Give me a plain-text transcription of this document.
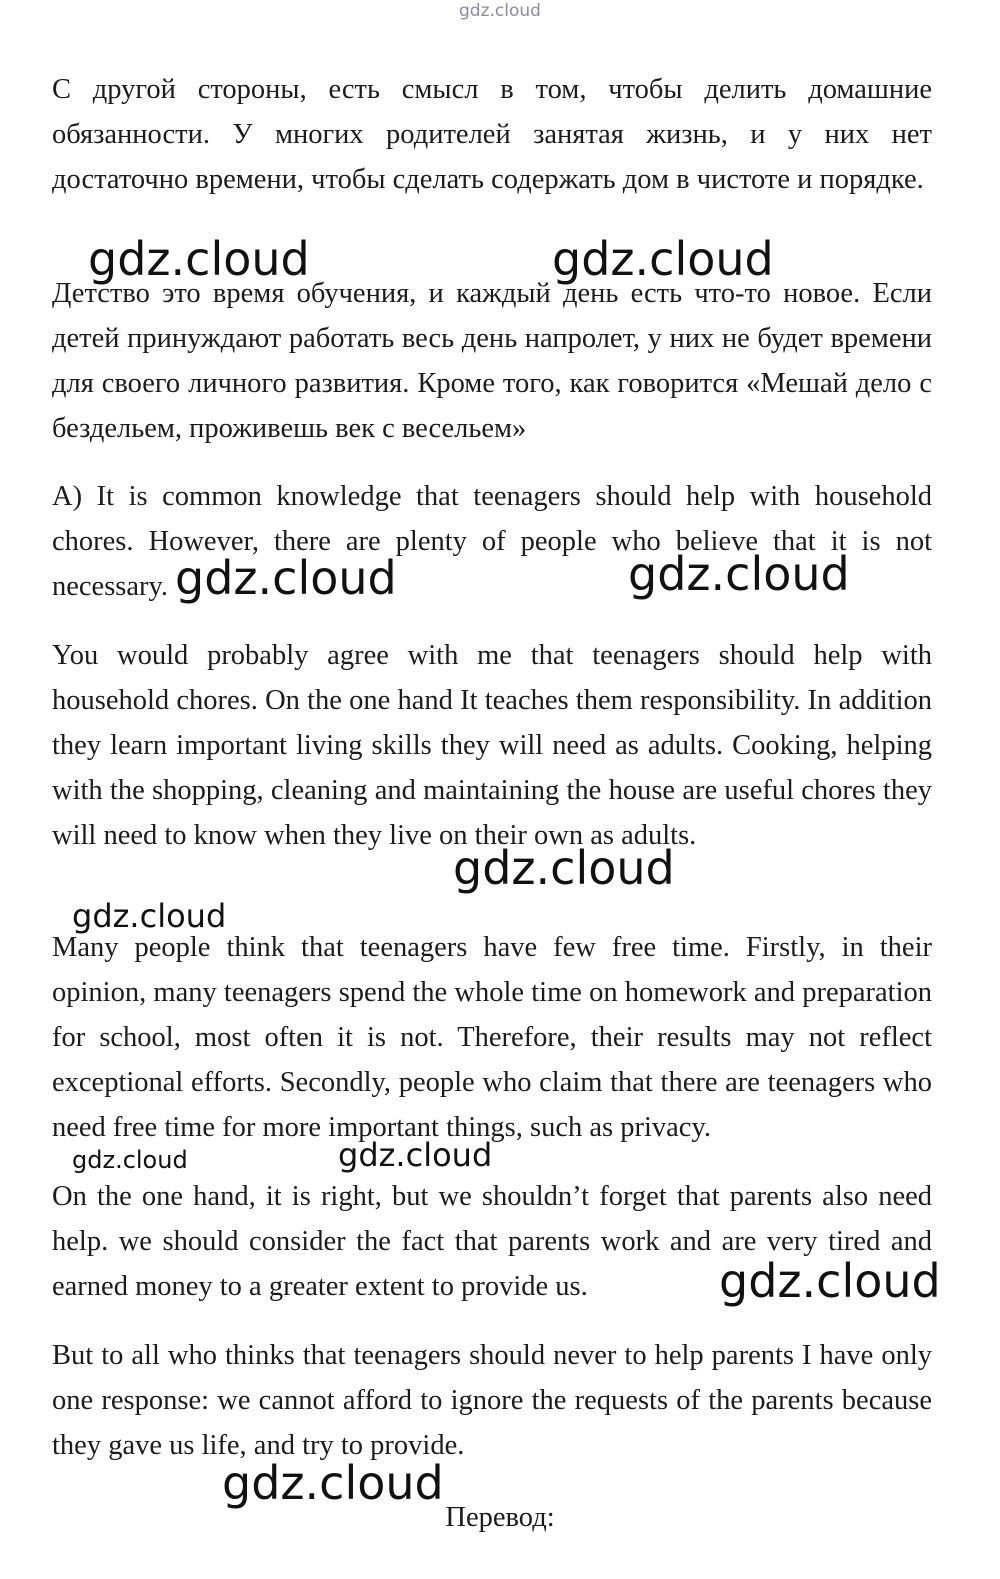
gdz.cloud

С другой стороны, есть смысл в том, чтобы делить домашние обязанности. У многих родителей занятая жизнь, и у них нет достаточно времени, чтобы сделать содержать дом в чистоте и порядке.

Детство это время обучения, и каждый день есть что-то новое. Если детей принуждают работать весь день напролет, у них не будет времени для своего личного развития. Кроме того, как говорится «Мешай дело с бездельем, проживешь век с весельем»

A) It is common knowledge that teenagers should help with household chores. However, there are plenty of people who believe that it is not necessary.

You would probably agree with me that teenagers should help with household chores. On the one hand It teaches them responsibility. In addition they learn important living skills they will need as adults. Cooking, helping with the shopping, cleaning and maintaining the house are useful chores they will need to know when they live on their own as adults.

Many people think that teenagers have few free time. Firstly, in their opinion, many teenagers spend the whole time on homework and preparation for school, most often it is not. Therefore, their results may not reflect exceptional efforts. Secondly, people who claim that there are teenagers who need free time for more important things, such as privacy.

On the one hand, it is right, but we shouldn’t forget that parents also need help. we should consider the fact that parents work and are very tired and earned money to a greater extent to provide us.

But to all who thinks that teenagers should never to help parents I have only one response: we cannot afford to ignore the requests of the parents because they gave us life, and try to provide.

Перевод:
gdz.cloud	gdz.cloud
gdz.cloud	gdz.cloud
gdz.cloud
gdz.cloud
gdz.cloud	gdz.cloud
gdz.cloud
gdz.cloud
